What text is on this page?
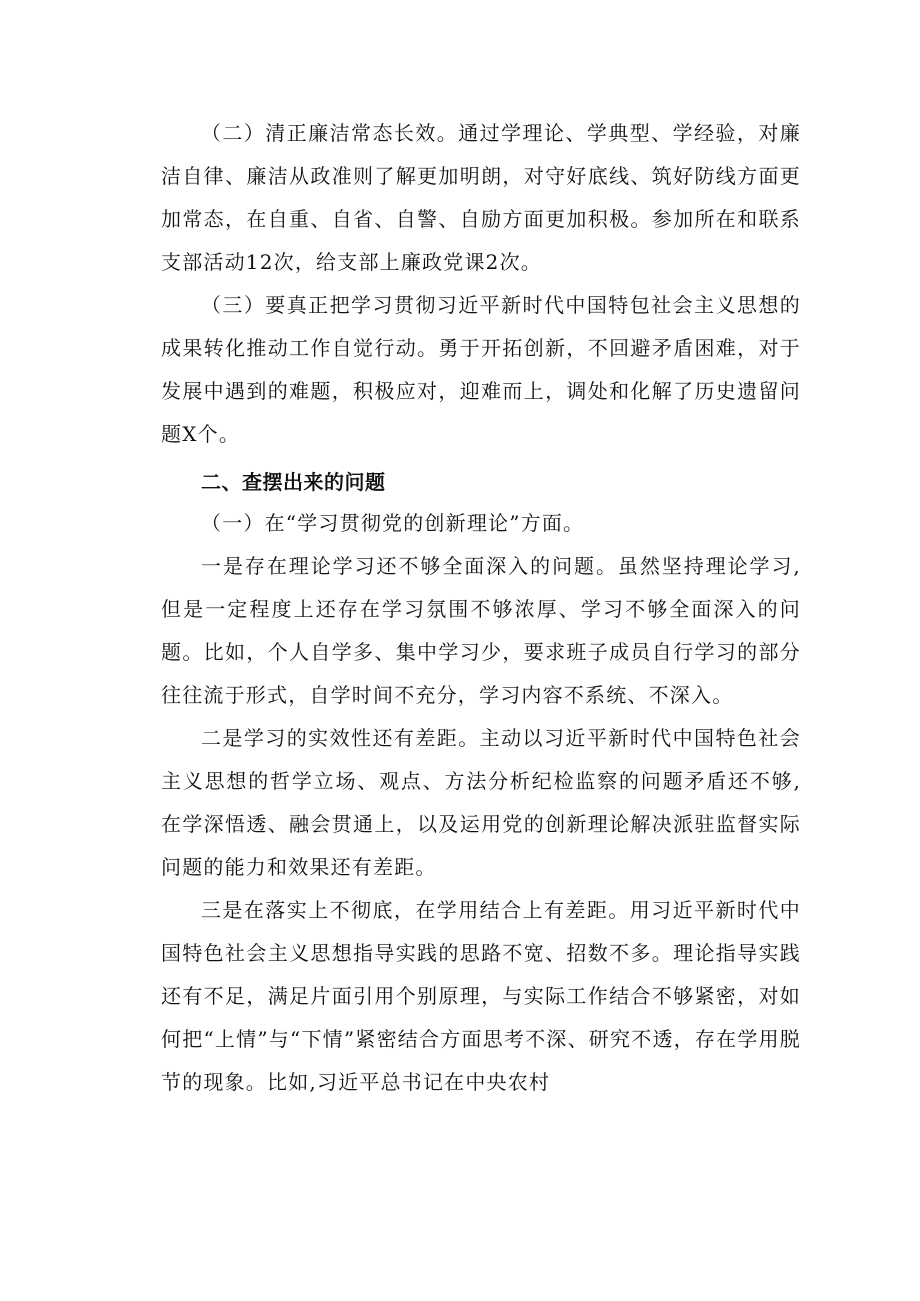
（二）清正廉洁常态长效。通过学理论、学典型、学经验，对廉洁自律、廉洁从政准则了解更加明朗，对守好底线、筑好防线方面更加常态，在自重、自省、自警、自励方面更加积极。参加所在和联系支部活动12次，给支部上廉政党课2次。

（三）要真正把学习贯彻习近平新时代中国特包社会主义思想的成果转化推动工作自觉行动。勇于开拓创新，不回避矛盾困难，对于发展中遇到的难题，积极应对，迎难而上，调处和化解了历史遗留问题X个。

二、查摆出来的问题

（一）在“学习贯彻党的创新理论”方面。

一是存在理论学习还不够全面深入的问题。虽然坚持理论学习,但是一定程度上还存在学习氛围不够浓厚、学习不够全面深入的问题。比如，个人自学多、集中学习少，要求班子成员自行学习的部分往往流于形式，自学时间不充分，学习内容不系统、不深入。

二是学习的实效性还有差距。主动以习近平新时代中国特色社会主义思想的哲学立场、观点、方法分析纪检监察的问题矛盾还不够,在学深悟透、融会贯通上，以及运用党的创新理论解决派驻监督实际问题的能力和效果还有差距。

三是在落实上不彻底，在学用结合上有差距。用习近平新时代中国特色社会主义思想指导实践的思路不宽、招数不多。理论指导实践还有不足，满足片面引用个别原理，与实际工作结合不够紧密，对如何把“上情”与“下情”紧密结合方面思考不深、研究不透，存在学用脱节的现象。比如,习近平总书记在中央农村
